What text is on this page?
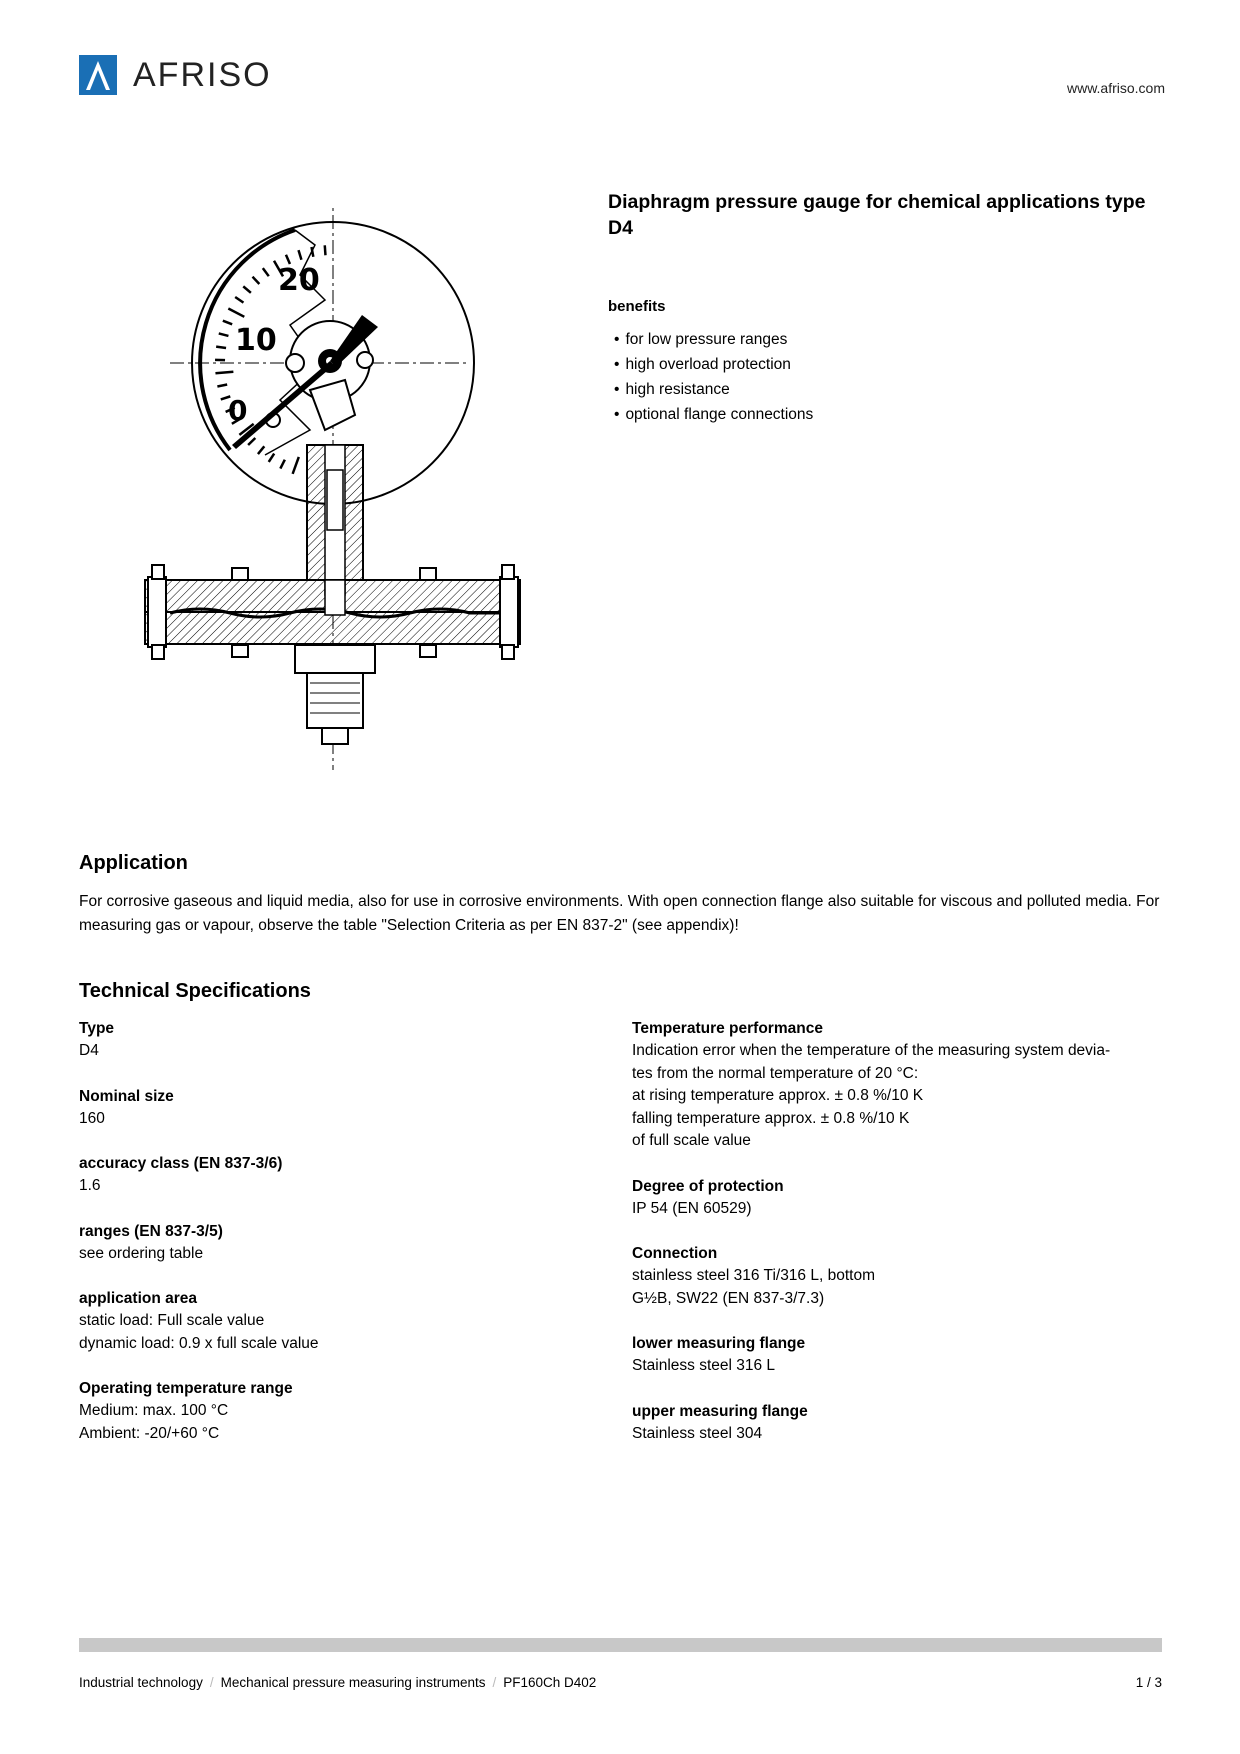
AFRISO	www.afriso.com
20
10
0
Diaphragm pressure gauge for chemical applications type D4
benefits
• for low pressure ranges
• high overload protection
• high resistance
• optional flange connections
Application
For corrosive gaseous and liquid media, also for use in corrosive environments. With open connection flange also suitable for viscous and polluted media. For measuring gas or vapour, observe the table "Selection Criteria as per EN 837-2" (see appendix)!
Technical Specifications
Type
D4
Nominal size
160
accuracy class (EN 837-3/6)
1.6
ranges (EN 837-3/5)
see ordering table
application area
static load: Full scale value
dynamic load: 0.9 x full scale value
Operating temperature range
Medium: max. 100 °C
Ambient: -20/+60 °C
Temperature performance
Indication error when the temperature of the measuring system devia-
tes from the normal temperature of 20 °C:
at rising temperature approx. ± 0.8 %/10 K
falling temperature approx. ± 0.8 %/10 K
of full scale value
Degree of protection
IP 54 (EN 60529)
Connection
stainless steel 316 Ti/316 L, bottom
G½B, SW22 (EN 837-3/7.3)
lower measuring flange
Stainless steel 316 L
upper measuring flange
Stainless steel 304
Industrial technology / Mechanical pressure measuring instruments / PF160Ch D402	1 / 3
